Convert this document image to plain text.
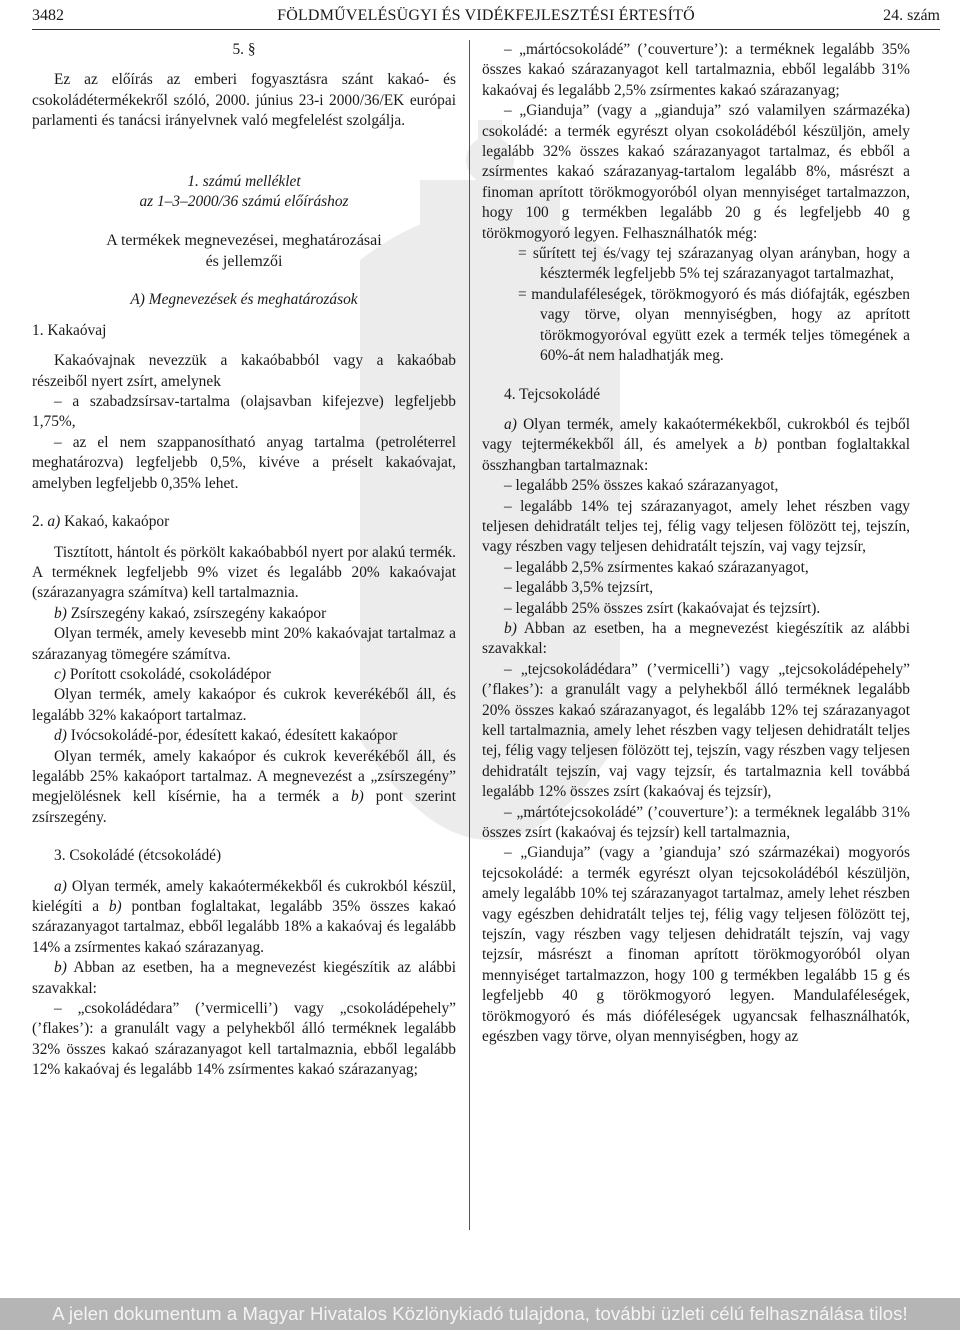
3482	FÖLDMŰVELÉSÜGYI ÉS VIDÉKFEJLESZTÉSI ÉRTESÍTŐ	24. szám

5. §

Ez az előírás az emberi fogyasztásra szánt kakaó- és csokoládétermékekről szóló, 2000. június 23-i 2000/36/EK európai parlamenti és tanácsi irányelvnek való megfelelést szolgálja.

1. számú melléklet

az 1–3–2000/36 számú előíráshoz

A termékek megnevezései, meghatározásai

és jellemzői

A) Megnevezések és meghatározások

1. Kakaóvaj

Kakaóvajnak nevezzük a kakaóbabból vagy a kakaóbab részeiből nyert zsírt, amelynek

– a szabadzsírsav-tartalma (olajsavban kifejezve) legfeljebb 1,75%,

– az el nem szappanosítható anyag tartalma (petroléterrel meghatározva) legfeljebb 0,5%, kivéve a préselt kakaóvajat, amelyben legfeljebb 0,35% lehet.

2. a) Kakaó, kakaópor

Tisztított, hántolt és pörkölt kakaóbabból nyert por alakú termék. A terméknek legfeljebb 9% vizet és legalább 20% kakaóvajat (szárazanyagra számítva) kell tartalmaznia.

b) Zsírszegény kakaó, zsírszegény kakaópor

Olyan termék, amely kevesebb mint 20% kakaóvajat tartalmaz a szárazanyag tömegére számítva.

c) Porított csokoládé, csokoládépor

Olyan termék, amely kakaópor és cukrok keverékéből áll, és legalább 32% kakaóport tartalmaz.

d) Ivócsokoládé-por, édesített kakaó, édesített kakaópor

Olyan termék, amely kakaópor és cukrok keverékéből áll, és legalább 25% kakaóport tartalmaz. A megnevezést a „zsírszegény” megjelölésnek kell kísérnie, ha a termék a b) pont szerint zsírszegény.

3. Csokoládé (étcsokoládé)

a) Olyan termék, amely kakaótermékekből és cukrokból készül, kielégíti a b) pontban foglaltakat, legalább 35% összes kakaó szárazanyagot tartalmaz, ebből legalább 18% a kakaóvaj és legalább 14% a zsírmentes kakaó szárazanyag.

b) Abban az esetben, ha a megnevezést kiegészítik az alábbi szavakkal:

– „csokoládédara” (’vermicelli’) vagy „csokoládépehely” (’flakes’): a granulált vagy a pelyhekből álló terméknek legalább 32% összes kakaó szárazanyagot kell tartalmaznia, ebből legalább 12% kakaóvaj és legalább 14% zsírmentes kakaó szárazanyag;

– „mártócsokoládé” (’couverture’): a terméknek legalább 35% összes kakaó szárazanyagot kell tartalmaznia, ebből legalább 31% kakaóvaj és legalább 2,5% zsírmentes kakaó szárazanyag;

– „Gianduja” (vagy a „gianduja” szó valamilyen származéka) csokoládé: a termék egyrészt olyan csokoládéból készüljön, amely legalább 32% összes kakaó szárazanyagot tartalmaz, és ebből a zsírmentes kakaó szárazanyag-tartalom legalább 8%, másrészt a finoman aprított törökmogyoróból olyan mennyiséget tartalmazzon, hogy 100 g termékben legalább 20 g és legfeljebb 40 g törökmogyoró legyen. Felhasználhatók még:

= sűrített tej és/vagy tej szárazanyag olyan arányban, hogy a késztermék legfeljebb 5% tej szárazanyagot tartalmazhat,

= mandulaféleségek, törökmogyoró és más diófajták, egészben vagy törve, olyan mennyiségben, hogy az aprított törökmogyoróval együtt ezek a termék teljes tömegének a 60%-át nem haladhatják meg.

4. Tejcsokoládé

a) Olyan termék, amely kakaótermékekből, cukrokból és tejből vagy tejtermékekből áll, és amelyek a b) pontban foglaltakkal összhangban tartalmaznak:

– legalább 25% összes kakaó szárazanyagot,

– legalább 14% tej szárazanyagot, amely lehet részben vagy teljesen dehidratált teljes tej, félig vagy teljesen fölözött tej, tejszín, vagy részben vagy teljesen dehidratált tejszín, vaj vagy tejzsír,

– legalább 2,5% zsírmentes kakaó szárazanyagot,

– legalább 3,5% tejzsírt,

– legalább 25% összes zsírt (kakaóvajat és tejzsírt).

b) Abban az esetben, ha a megnevezést kiegészítik az alábbi szavakkal:

– „tejcsokoládédara” (’vermicelli’) vagy „tejcsokoládépehely” (’flakes’): a granulált vagy a pelyhekből álló terméknek legalább 20% összes kakaó szárazanyagot, és legalább 12% tej szárazanyagot kell tartalmaznia, amely lehet részben vagy teljesen dehidratált teljes tej, félig vagy teljesen fölözött tej, tejszín, vagy részben vagy teljesen dehidratált tejszín, vaj vagy tejzsír, és tartalmaznia kell továbbá legalább 12% összes zsírt (kakaóvaj és tejzsír),

– „mártótejcsokoládé” (’couverture’): a terméknek legalább 31% összes zsírt (kakaóvaj és tejzsír) kell tartalmaznia,

– „Gianduja” (vagy a ’gianduja’ szó származékai) mogyorós tejcsokoládé: a termék egyrészt olyan tejcsokoládéból készüljön, amely legalább 10% tej szárazanyagot tartalmaz, amely lehet részben vagy egészben dehidratált teljes tej, félig vagy teljesen fölözött tej, tejszín, vagy részben vagy teljesen dehidratált tejszín, vaj vagy tejzsír, másrészt a finoman aprított törökmogyoróból olyan mennyiséget tartalmazzon, hogy 100 g termékben legalább 15 g és legfeljebb 40 g törökmogyoró legyen. Mandulaféleségek, törökmogyoró és más dióféleségek ugyancsak felhasználhatók, egészben vagy törve, olyan mennyiségben, hogy az

A jelen dokumentum a Magyar Hivatalos Közlönykiadó tulajdona, további üzleti célú felhasználása tilos!
